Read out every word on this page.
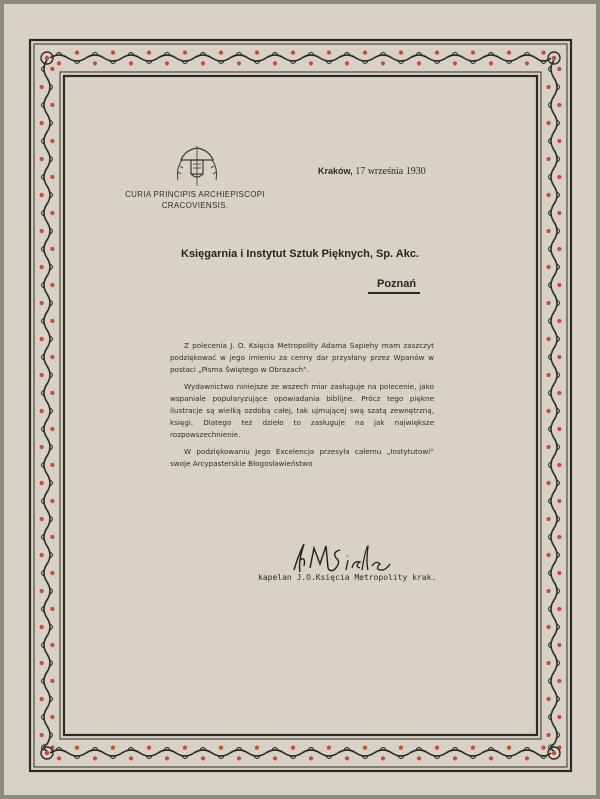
CURIA PRINCIPIS ARCHIEPISCOPI
CRACOVIENSIS.
Kraków, 17 września 1930
Księgarnia i Instytut Sztuk Pięknych, Sp. Akc.
Poznań

Z polecenia J. O. Księcia Metropolity Adama Sapiehy mam zaszczyt podziękować w jego imieniu za cenny dar przysłany przez Wpanów w postaci „Pisma Świętego w Obrazach“.

Wydawnictwo niniejsze ze wszech miar zasługuje na polecenie, jako wspaniale popularyzujące opowiadania biblijne. Prócz tego piękne ilustracje są wielką ozdobą całej, tak ujmującej swą szatą zewnętrzną, księgi. Dlatego też dzieło to zasługuje na jak największe rozpowszechnienie.

W podziękowaniu Jego Excelencja przesyła całemu „Instytutowi“ swoje Arcypasterskie Błogosławieństwo

kapelan J.O.Księcia Metropolity krak.
